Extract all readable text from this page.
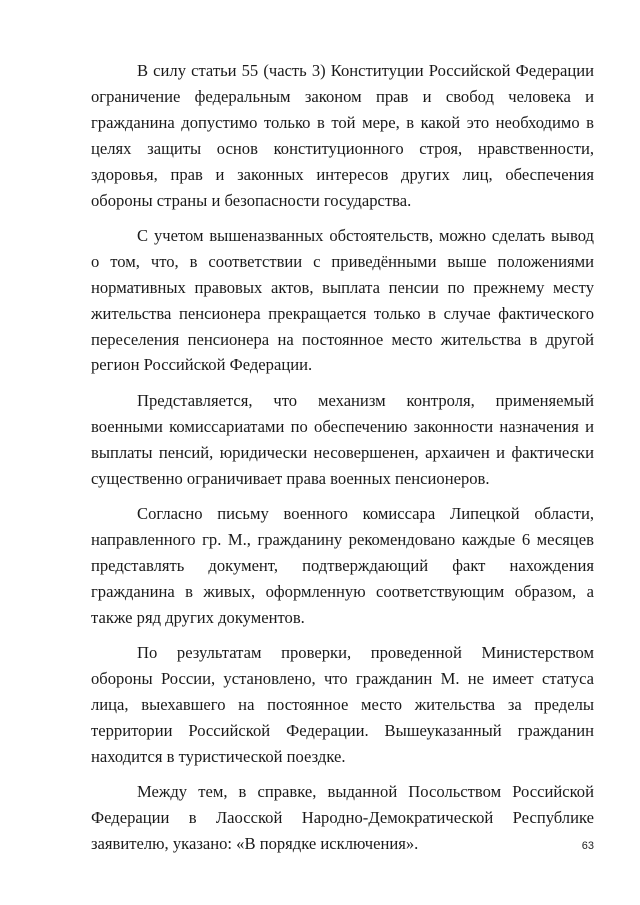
В силу статьи 55 (часть 3) Конституции Российской Федерации ограничение федеральным законом прав и свобод человека и гражданина допустимо только в той мере, в какой это необходимо в целях защиты основ конституционного строя, нравственности, здоровья, прав и законных интересов других лиц, обеспечения обороны страны и безопасности государства.

С учетом вышеназванных обстоятельств, можно сделать вывод о том, что, в соответствии с приведёнными выше положениями нормативных правовых актов, выплата пенсии по прежнему месту жительства пенсионера прекращается только в случае фактического переселения пенсионера на постоянное место жительства в другой регион Российской Федерации.

Представляется, что механизм контроля, применяемый военными комиссариатами по обеспечению законности назначения и выплаты пенсий, юридически несовершенен, архаичен и фактически существенно ограничивает права военных пенсионеров.

Согласно письму военного комиссара Липецкой области, направленного гр. М., гражданину рекомендовано каждые 6 месяцев представлять документ, подтверждающий факт нахождения гражданина в живых, оформленную соответствующим образом, а также ряд других документов.

По результатам проверки, проведенной Министерством обороны России, установлено, что гражданин М. не имеет статуса лица, выехавшего на постоянное место жительства за пределы территории Российской Федерации. Вышеуказанный гражданин находится в туристической поездке.

Между тем, в справке, выданной Посольством Российской Федерации в Лаосской Народно-Демократической Республике заявителю, указано: «В порядке исключения».	63
